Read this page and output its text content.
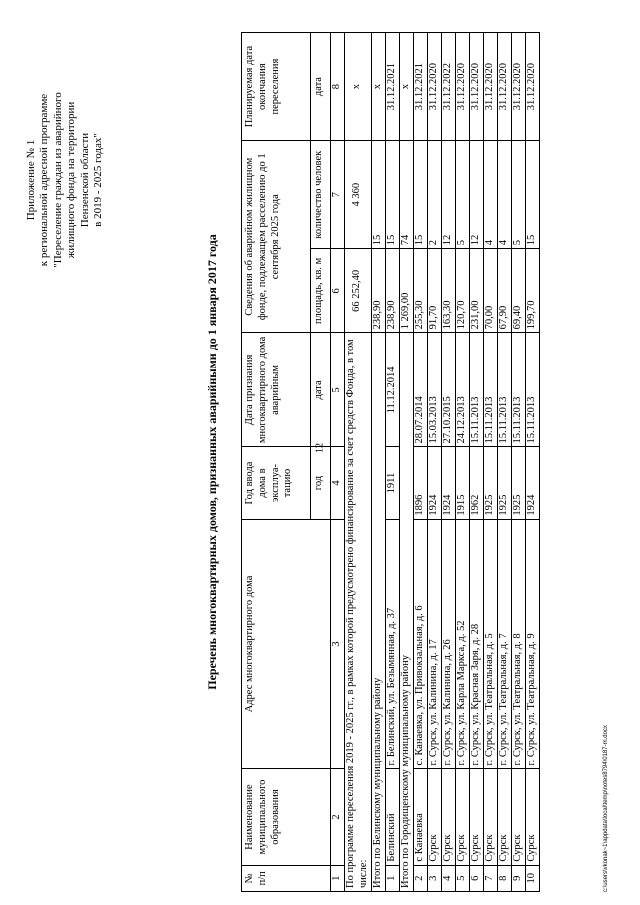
12
Приложение № 1 к региональной адресной программе "Переселение граждан из аварийного жилищного фонда на территории Пензенской области в 2019 - 2025 годах"
Перечень многоквартирных домов, признанных аварийными до 1 января 2017 года
№ п/п	Наименование муниципального образования	Адрес многоквартирного дома	Год ввода дома в эксплуа-тацию	Дата признания многоквартирного дома аварийным	Сведения об аварийном жилищном фонде, подлежащем расселению до 1 сентября 2025 года		Планируемая дата окончания переселения
			год	дата	площадь, кв. м	количество человек	дата
1	2	3	4	5	6	7	8
По программе переселения 2019 - 2025 гг., в рамках которой предусмотрено финансирование за счет средств Фонда, в том числе:					66 252,40	4 360	х
Итого по Белинскому муниципальному району					238,90	15	х
1	Белинский	г. Белинский, ул. Безымянная, д. 37	1911	11.12.2014	238,90	15	31.12.2021
Итого по Городищенскому муниципальному району					1 269,00	74	х
2	с Канаевка	с. Канаевка, ул. Привокзальная, д. 6	1896	28.07.2014	255,30	15	31.12.2021
3	Сурск	г. Сурск, ул. Калинина, д. 17	1924	15.03.2013	91,70	2	31.12.2020
4	Сурск	г. Сурск, ул. Калинина, д. 26	1924	27.10.2015	163,30	12	31.12.2022
5	Сурск	г. Сурск, ул. Карла Маркса, д. 52	1915	24.12.2013	120,70	5	31.12.2020
6	Сурск	г. Сурск, ул. Красная Заря, д. 28	1962	15.11.2013	231,00	12	31.12.2020
7	Сурск	г. Сурск, ул. Театральная, д. 5	1925	15.11.2013	70,00	4	31.12.2020
8	Сурск	г. Сурск, ул. Театральная, д. 7	1925	15.11.2013	67,90	4	31.12.2020
9	Сурск	г. Сурск, ул. Театральная, д. 8	1925	15.11.2013	69,40	5	31.12.2020
10	Сурск	г. Сурск, ул. Театральная, д. 9	1924	15.11.2013	199,70	15	31.12.2020
c:\users\vkonak~1\appdata\local\temp\notes8794\0187-m.docx
